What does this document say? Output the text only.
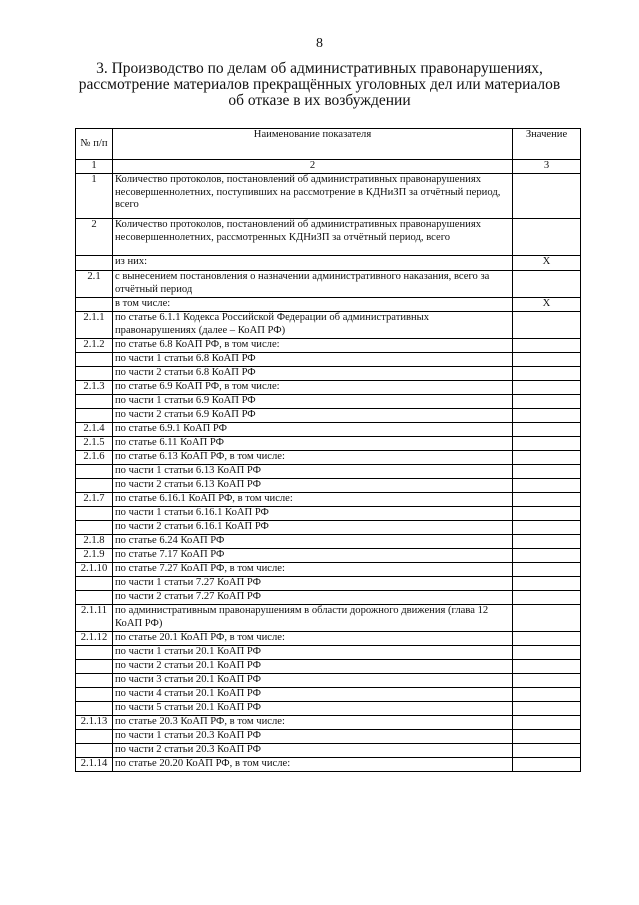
8
3. Производство по делам об административных правонарушениях,
рассмотрение материалов прекращённых уголовных дел или материалов
об отказе в их возбуждении
№ п/п	Наименование показателя	Значение
1	2	3
1	Количество протоколов, постановлений об административных правонарушениях несовершеннолетних, поступивших на рассмотрение в КДНиЗП за отчётный период, всего	
2	Количество протоколов, постановлений об административных правонарушениях несовершеннолетних, рассмотренных КДНиЗП за отчётный период, всего	
	из них:	X
2.1	с вынесением постановления о назначении административного наказания, всего за отчётный период	
	в том числе:	X
2.1.1	по статье 6.1.1 Кодекса Российской Федерации об административных правонарушениях (далее – КоАП РФ)	
2.1.2	по статье 6.8 КоАП РФ, в том числе:	
	по части 1 статьи 6.8 КоАП РФ	
	по части 2 статьи 6.8 КоАП РФ	
2.1.3	по статье 6.9 КоАП РФ, в том числе:	
	по части 1 статьи 6.9 КоАП РФ	
	по части 2 статьи 6.9 КоАП РФ	
2.1.4	по статье 6.9.1 КоАП РФ	
2.1.5	по статье 6.11 КоАП РФ	
2.1.6	по статье 6.13 КоАП РФ, в том числе:	
	по части 1 статьи 6.13 КоАП РФ	
	по части 2 статьи 6.13 КоАП РФ	
2.1.7	по статье 6.16.1 КоАП РФ, в том числе:	
	по части 1 статьи 6.16.1 КоАП РФ	
	по части 2 статьи 6.16.1 КоАП РФ	
2.1.8	по статье 6.24 КоАП РФ	
2.1.9	по статье 7.17 КоАП РФ	
2.1.10	по статье 7.27 КоАП РФ, в том числе:	
	по части 1 статьи 7.27 КоАП РФ	
	по части 2 статьи 7.27 КоАП РФ	
2.1.11	по административным правонарушениям в области дорожного движения (глава 12 КоАП РФ)	
2.1.12	по статье 20.1 КоАП РФ, в том числе:	
	по части 1 статьи 20.1 КоАП РФ	
	по части 2 статьи 20.1 КоАП РФ	
	по части 3 статьи 20.1 КоАП РФ	
	по части 4 статьи 20.1 КоАП РФ	
	по части 5 статьи 20.1 КоАП РФ	
2.1.13	по статье 20.3 КоАП РФ, в том числе:	
	по части 1 статьи 20.3 КоАП РФ	
	по части 2 статьи 20.3 КоАП РФ	
2.1.14	по статье 20.20 КоАП РФ, в том числе:	
